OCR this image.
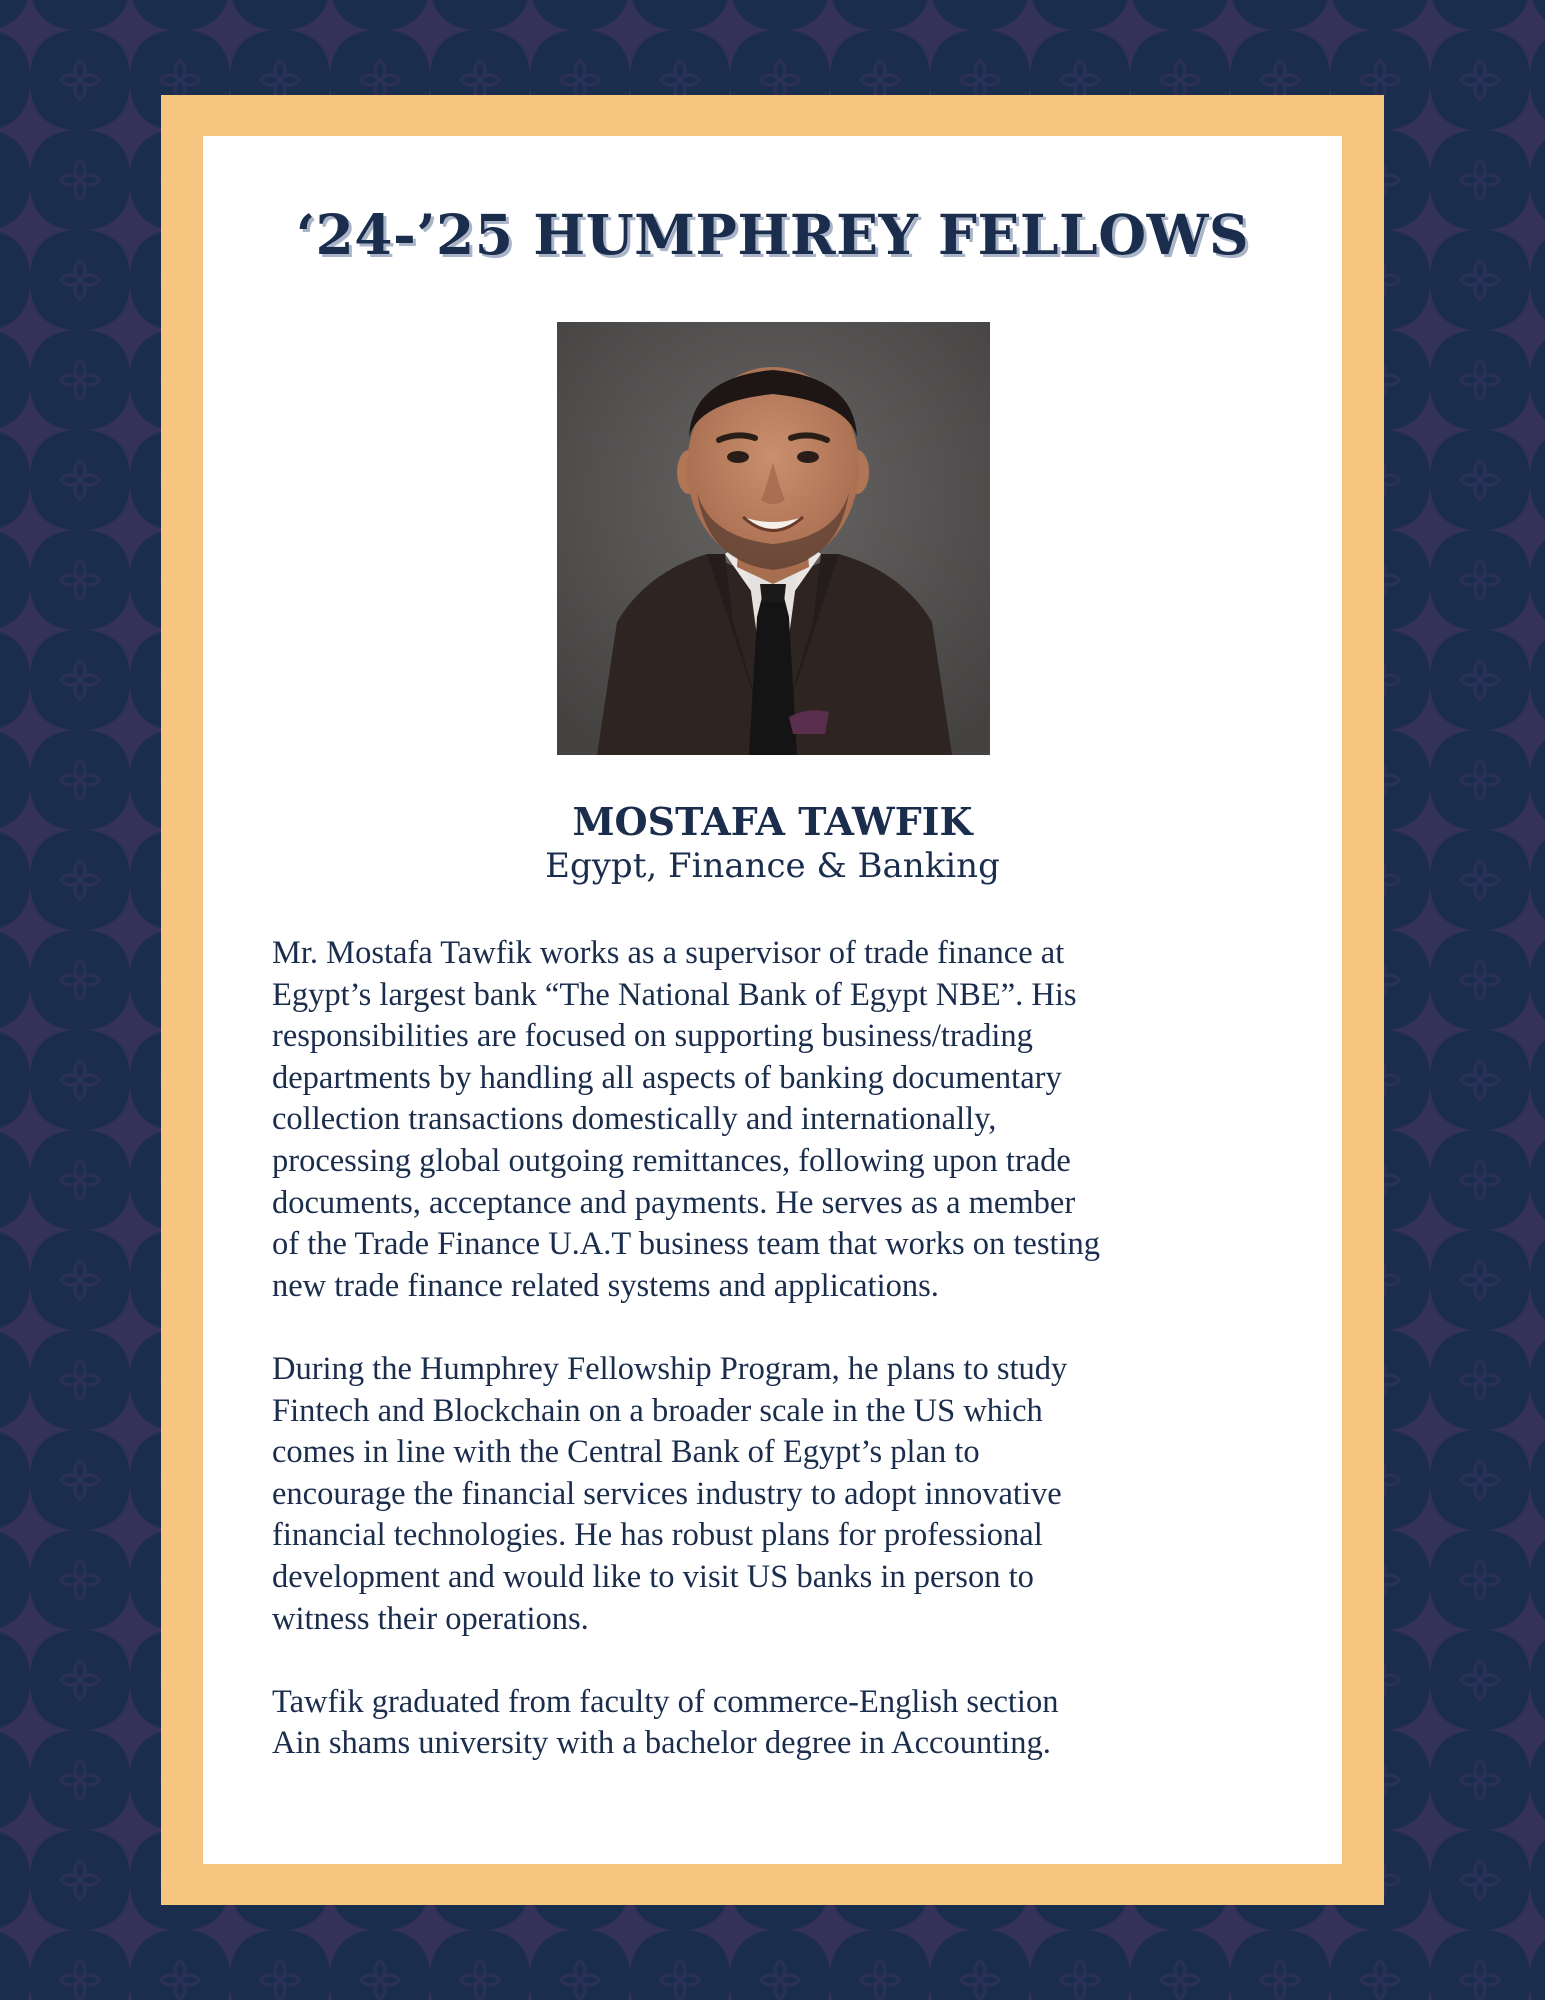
‘24-’25 HUMPHREY FELLOWS
MOSTAFA TAWFIK
Egypt, Finance & Banking
Mr. Mostafa Tawfik works as a supervisor of trade finance at
Egypt’s largest bank “The National Bank of Egypt NBE”. His
responsibilities are focused on supporting business/trading
departments by handling all aspects of banking documentary
collection transactions domestically and internationally,
processing global outgoing remittances, following upon trade
documents, acceptance and payments. He serves as a member
of the Trade Finance U.A.T business team that works on testing
new trade finance related systems and applications.
During the Humphrey Fellowship Program, he plans to study
Fintech and Blockchain on a broader scale in the US which
comes in line with the Central Bank of Egypt’s plan to
encourage the financial services industry to adopt innovative
financial technologies. He has robust plans for professional
development and would like to visit US banks in person to
witness their operations.
Tawfik graduated from faculty of commerce-English section
Ain shams university with a bachelor degree in Accounting.
